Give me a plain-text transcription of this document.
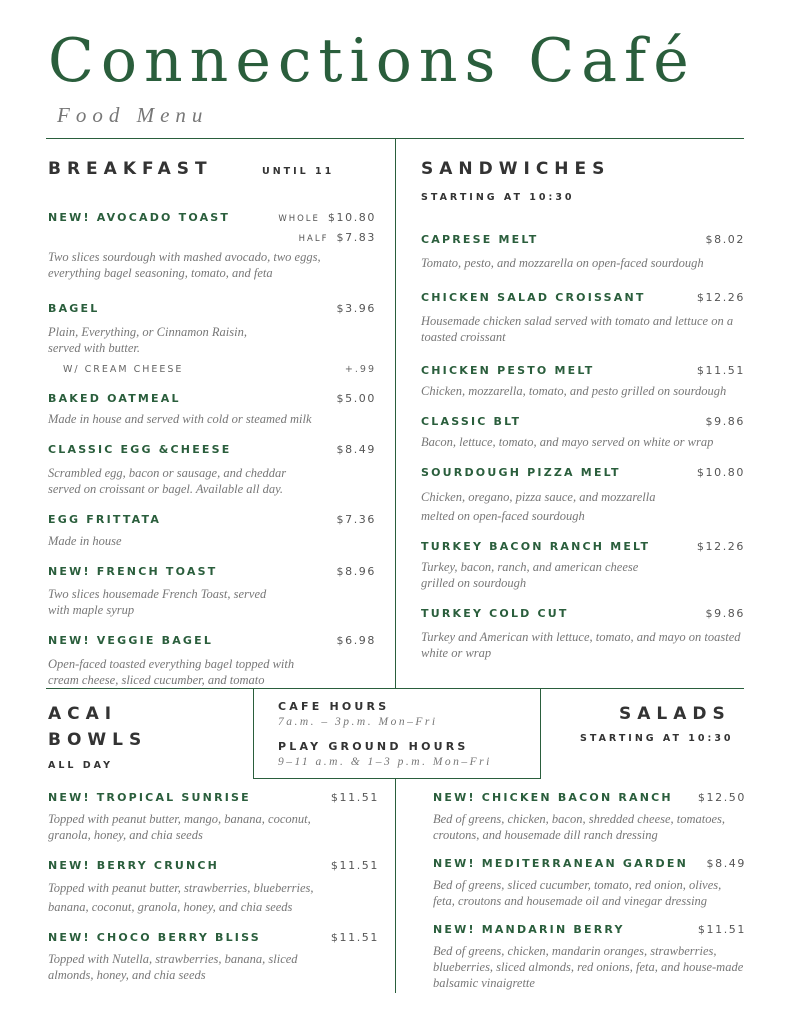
Connections Café
Food Menu
BREAKFAST	UNTIL 11
NEW! AVOCADO TOAST	WHOLE $10.80
HALF $7.83
Two slices sourdough with mashed avocado, two eggs, everything bagel seasoning, tomato, and feta
BAGEL	$3.96
Plain, Everything, or Cinnamon Raisin, served with butter.
W/ CREAM CHEESE	+.99
BAKED OATMEAL	$5.00
Made in house and served with cold or steamed milk
CLASSIC EGG &CHEESE	$8.49
Scrambled egg, bacon or sausage, and cheddar served on croissant or bagel. Available all day.
EGG FRITTATA	$7.36
Made in house
NEW! FRENCH TOAST	$8.96
Two slices housemade French Toast, served with maple syrup
NEW! VEGGIE BAGEL	$6.98
Open-faced toasted everything bagel topped with cream cheese, sliced cucumber, and tomato
SANDWICHES
STARTING AT 10:30
CAPRESE MELT	$8.02
Tomato, pesto, and mozzarella on open-faced sourdough
CHICKEN SALAD CROISSANT	$12.26
Housemade chicken salad served with tomato and lettuce on a toasted croissant
CHICKEN PESTO MELT	$11.51
Chicken, mozzarella, tomato, and pesto grilled on sourdough
CLASSIC BLT	$9.86
Bacon, lettuce, tomato, and mayo served on white or wrap
SOURDOUGH PIZZA MELT	$10.80
Chicken, oregano, pizza sauce, and mozzarella melted on open-faced sourdough
TURKEY BACON RANCH MELT	$12.26
Turkey, bacon, ranch, and american cheese grilled on sourdough
TURKEY COLD CUT	$9.86
Turkey and American with lettuce, tomato, and mayo on toasted white or wrap
CAFE HOURS
7a.m. – 3p.m. Mon–Fri
PLAY GROUND HOURS
9–11 a.m. & 1–3 p.m. Mon–Fri
ACAI
BOWLS
ALL DAY
NEW! TROPICAL SUNRISE	$11.51
Topped with peanut butter, mango, banana, coconut, granola, honey, and chia seeds
NEW! BERRY CRUNCH	$11.51
Topped with peanut butter, strawberries, blueberries, banana, coconut, granola, honey, and chia seeds
NEW! CHOCO BERRY BLISS	$11.51
Topped with Nutella, strawberries, banana, sliced almonds, honey, and chia seeds
SALADS
STARTING AT 10:30
NEW! CHICKEN BACON RANCH $12.50
Bed of greens, chicken, bacon, shredded cheese, tomatoes, croutons, and housemade dill ranch dressing
NEW! MEDITERRANEAN GARDEN $8.49
Bed of greens, sliced cucumber, tomato, red onion, olives, feta, croutons and housemade oil and vinegar dressing
NEW! MANDARIN BERRY	$11.51
Bed of greens, chicken, mandarin oranges, strawberries, blueberries, sliced almonds, red onions, feta, and house-made balsamic vinaigrette
